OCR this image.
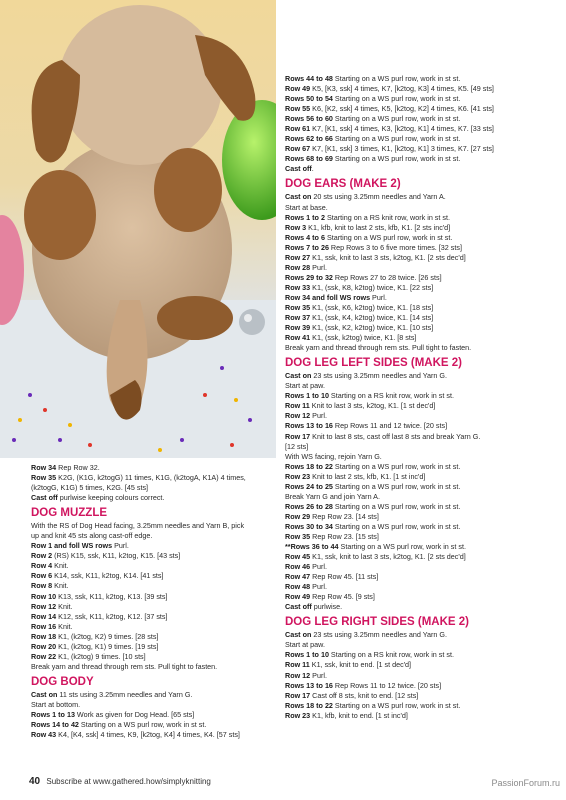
Row 34 Rep Row 32.

Row 35 K2G, (K1G, k2togG) 11 times, K1G, (k2togA, K1A) 4 times,

(k2togG, K1G) 5 times, K2G. [45 sts]

Cast off purlwise keeping colours correct.

DOG MUZZLE

With the RS of Dog Head facing, 3.25mm needles and Yarn B, pick

up and knit 45 sts along cast-off edge.

Row 1 and foll WS rows Purl.

Row 2 (RS) K15, ssk, K11, k2tog, K15. [43 sts]

Row 4 Knit.

Row 6 K14, ssk, K11, k2tog, K14. [41 sts]

Row 8 Knit.

Row 10 K13, ssk, K11, k2tog, K13. [39 sts]

Row 12 Knit.

Row 14 K12, ssk, K11, k2tog, K12. [37 sts]

Row 16 Knit.

Row 18 K1, (k2tog, K2) 9 times. [28 sts]

Row 20 K1, (k2tog, K1) 9 times. [19 sts]

Row 22 K1, (k2tog) 9 times. [10 sts]

Break yarn and thread through rem sts. Pull tight to fasten.

DOG BODY

Cast on 11 sts using 3.25mm needles and Yarn G.

Start at bottom.

Rows 1 to 13 Work as given for Dog Head. [65 sts]

Rows 14 to 42 Starting on a WS purl row, work in st st.

Row 43 K4, [K4, ssk] 4 times, K9, [k2tog, K4] 4 times, K4. [57 sts]

Rows 44 to 48 Starting on a WS purl row, work in st st.

Row 49 K5, [K3, ssk] 4 times, K7, [k2tog, K3] 4 times, K5. [49 sts]

Rows 50 to 54 Starting on a WS purl row, work in st st.

Row 55 K6, [K2, ssk] 4 times, K5, [k2tog, K2] 4 times, K6. [41 sts]

Rows 56 to 60 Starting on a WS purl row, work in st st.

Row 61 K7, [K1, ssk] 4 times, K3, [k2tog, K1] 4 times, K7. [33 sts]

Rows 62 to 66 Starting on a WS purl row, work in st st.

Row 67 K7, [K1, ssk] 3 times, K1, [k2tog, K1] 3 times, K7. [27 sts]

Rows 68 to 69 Starting on a WS purl row, work in st st.

Cast off.

DOG EARS (MAKE 2)

Cast on 20 sts using 3.25mm needles and Yarn A.

Start at base.

Rows 1 to 2 Starting on a RS knit row, work in st st.

Row 3 K1, kfb, knit to last 2 sts, kfb, K1. [2 sts inc'd]

Rows 4 to 6 Starting on a WS purl row, work in st st.

Rows 7 to 26 Rep Rows 3 to 6 five more times. [32 sts]

Row 27 K1, ssk, knit to last 3 sts, k2tog, K1. [2 sts dec'd]

Row 28 Purl.

Rows 29 to 32 Rep Rows 27 to 28 twice. [26 sts]

Row 33 K1, (ssk, K8, k2tog) twice, K1. [22 sts]

Row 34 and foll WS rows Purl.

Row 35 K1, (ssk, K6, k2tog) twice, K1. [18 sts]

Row 37 K1, (ssk, K4, k2tog) twice, K1. [14 sts]

Row 39 K1, (ssk, K2, k2tog) twice, K1. [10 sts]

Row 41 K1, (ssk, k2tog) twice, K1. [8 sts]

Break yarn and thread through rem sts. Pull tight to fasten.

DOG LEG LEFT SIDES (MAKE 2)

Cast on 23 sts using 3.25mm needles and Yarn G.

Start at paw.

Rows 1 to 10 Starting on a RS knit row, work in st st.

Row 11 Knit to last 3 sts, k2tog, K1. [1 st dec'd]

Row 12 Purl.

Rows 13 to 16 Rep Rows 11 and 12 twice. [20 sts]

Row 17 Knit to last 8 sts, cast off last 8 sts and break Yarn G.

[12 sts]

With WS facing, rejoin Yarn G.

Rows 18 to 22 Starting on a WS purl row, work in st st.

Row 23 Knit to last 2 sts, kfb, K1. [1 st inc'd]

Rows 24 to 25 Starting on a WS purl row, work in st st.

Break Yarn G and join Yarn A.

Rows 26 to 28 Starting on a WS purl row, work in st st.

Row 29 Rep Row 23. [14 sts]

Rows 30 to 34 Starting on a WS purl row, work in st st.

Row 35 Rep Row 23. [15 sts]

**Rows 36 to 44 Starting on a WS purl row, work in st st.

Row 45 K1, ssk, knit to last 3 sts, k2tog, K1. [2 sts dec'd]

Row 46 Purl.

Row 47 Rep Row 45. [11 sts]

Row 48 Purl.

Row 49 Rep Row 45. [9 sts]

Cast off purlwise.

DOG LEG RIGHT SIDES (MAKE 2)

Cast on 23 sts using 3.25mm needles and Yarn G.

Start at paw.

Rows 1 to 10 Starting on a RS knit row, work in st st.

Row 11 K1, ssk, knit to end. [1 st dec'd]

Row 12 Purl.

Rows 13 to 16 Rep Rows 11 to 12 twice. [20 sts]

Row 17 Cast off 8 sts, knit to end. [12 sts]

Rows 18 to 22 Starting on a WS purl row, work in st st.

Row 23 K1, kfb, knit to end. [1 st inc'd]

40 Subscribe at www.gathered.how/simplyknitting	PassionForum.ru
